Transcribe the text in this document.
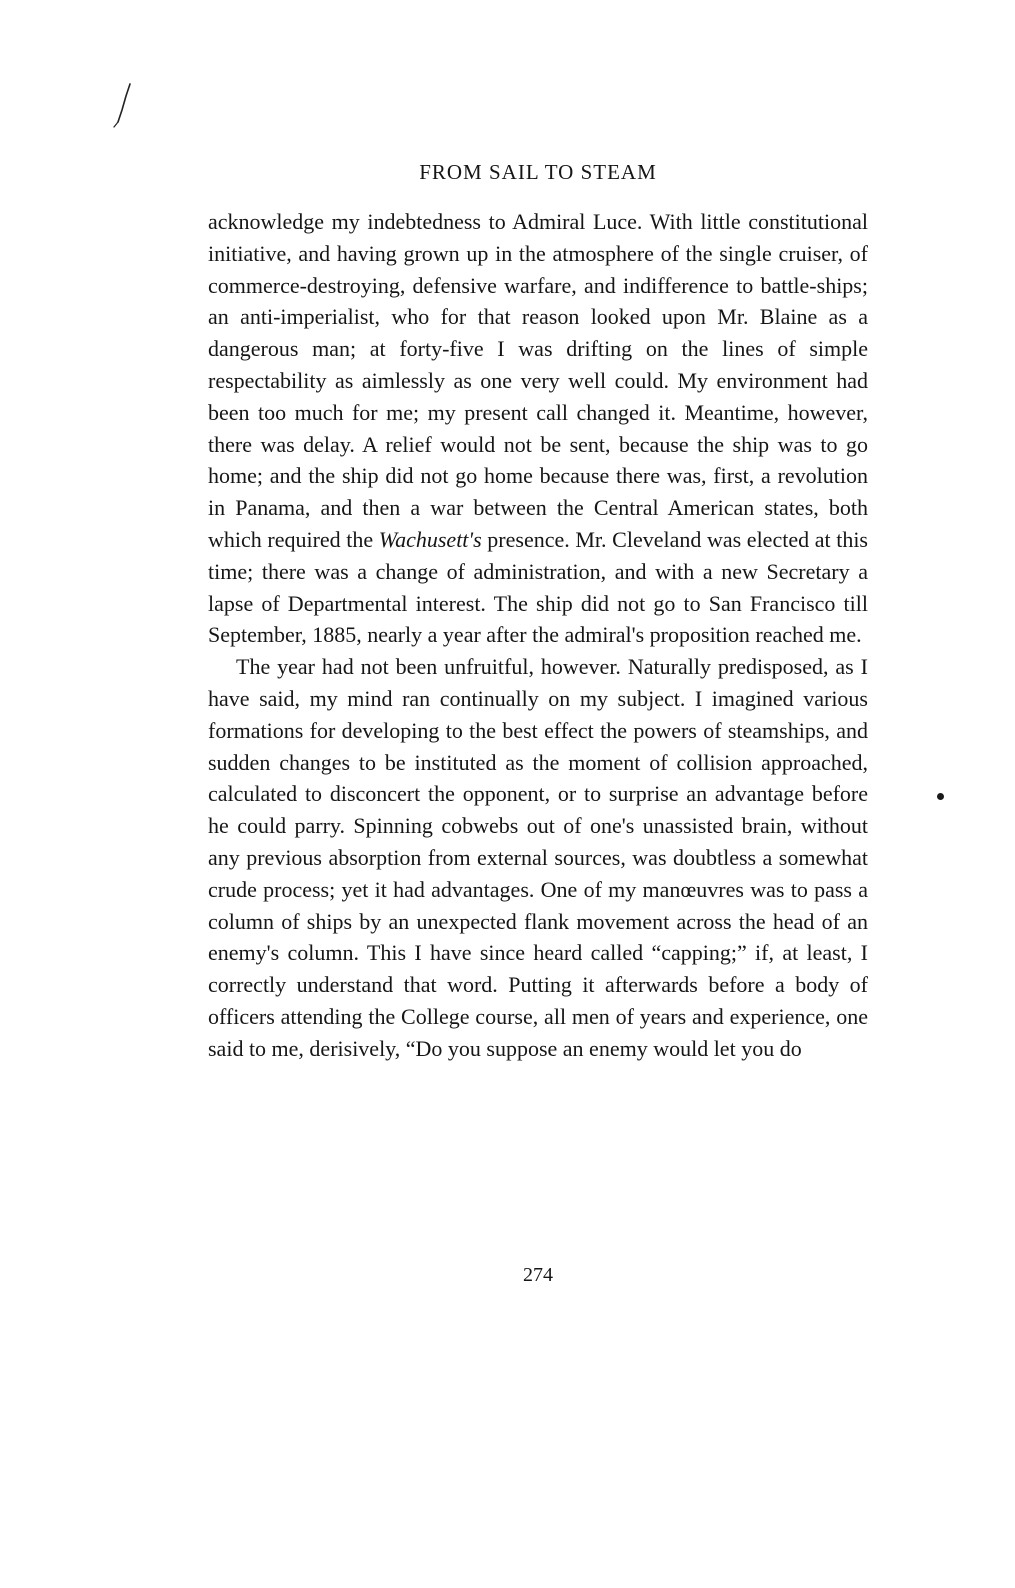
FROM SAIL TO STEAM

acknowledge my indebtedness to Admiral Luce. With little constitutional initiative, and having grown up in the atmosphere of the single cruiser, of commerce-destroying, defensive warfare, and indifference to battle-ships; an anti-imperialist, who for that reason looked upon Mr. Blaine as a dangerous man; at forty-five I was drifting on the lines of simple respectability as aimlessly as one very well could. My environment had been too much for me; my present call changed it. Meantime, however, there was delay. A relief would not be sent, because the ship was to go home; and the ship did not go home because there was, first, a revolution in Panama, and then a war between the Central American states, both which required the Wachusett's presence. Mr. Cleveland was elected at this time; there was a change of administration, and with a new Secretary a lapse of Departmental interest. The ship did not go to San Francisco till September, 1885, nearly a year after the admiral's proposition reached me.

The year had not been unfruitful, however. Naturally predisposed, as I have said, my mind ran continually on my subject. I imagined various formations for developing to the best effect the powers of steamships, and sudden changes to be instituted as the moment of collision approached, calculated to disconcert the opponent, or to surprise an advantage before he could parry. Spinning cobwebs out of one's unassisted brain, without any previous absorption from external sources, was doubtless a somewhat crude process; yet it had advantages. One of my manœuvres was to pass a column of ships by an unexpected flank movement across the head of an enemy's column. This I have since heard called “capping;” if, at least, I correctly understand that word. Putting it afterwards before a body of officers attending the College course, all men of years and experience, one said to me, derisively, “Do you suppose an enemy would let you do

274
